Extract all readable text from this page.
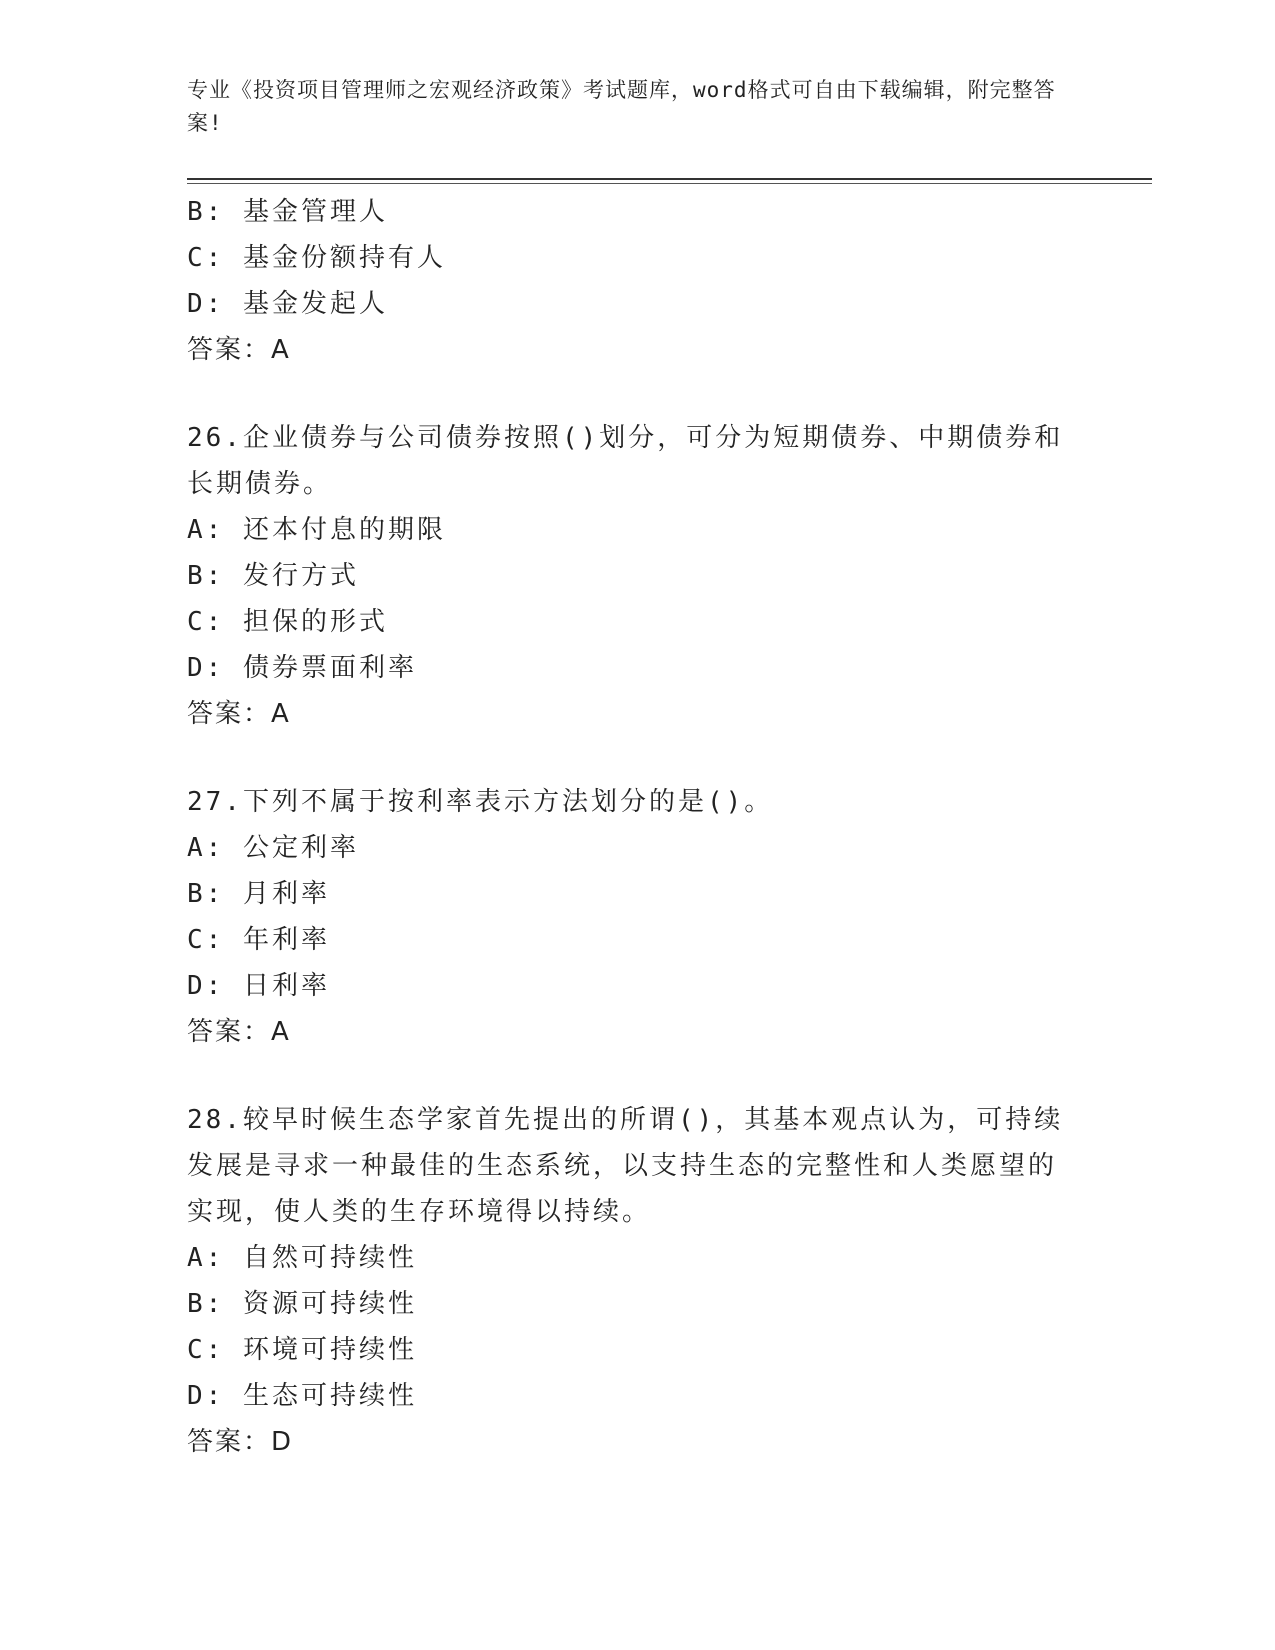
专业《投资项目管理师之宏观经济政策》考试题库，word格式可自由下载编辑，附完整答案!
B: 基金管理人
C: 基金份额持有人
D: 基金发起人
答案：A
26.企业债券与公司债券按照()划分，可分为短期债券、中期债券和长期债券。
A: 还本付息的期限
B: 发行方式
C: 担保的形式
D: 债券票面利率
答案：A
27.下列不属于按利率表示方法划分的是()。
A: 公定利率
B: 月利率
C: 年利率
D: 日利率
答案：A
28.较早时候生态学家首先提出的所谓()，其基本观点认为，可持续发展是寻求一种最佳的生态系统，以支持生态的完整性和人类愿望的实现，使人类的生存环境得以持续。
A: 自然可持续性
B: 资源可持续性
C: 环境可持续性
D: 生态可持续性
答案：D
